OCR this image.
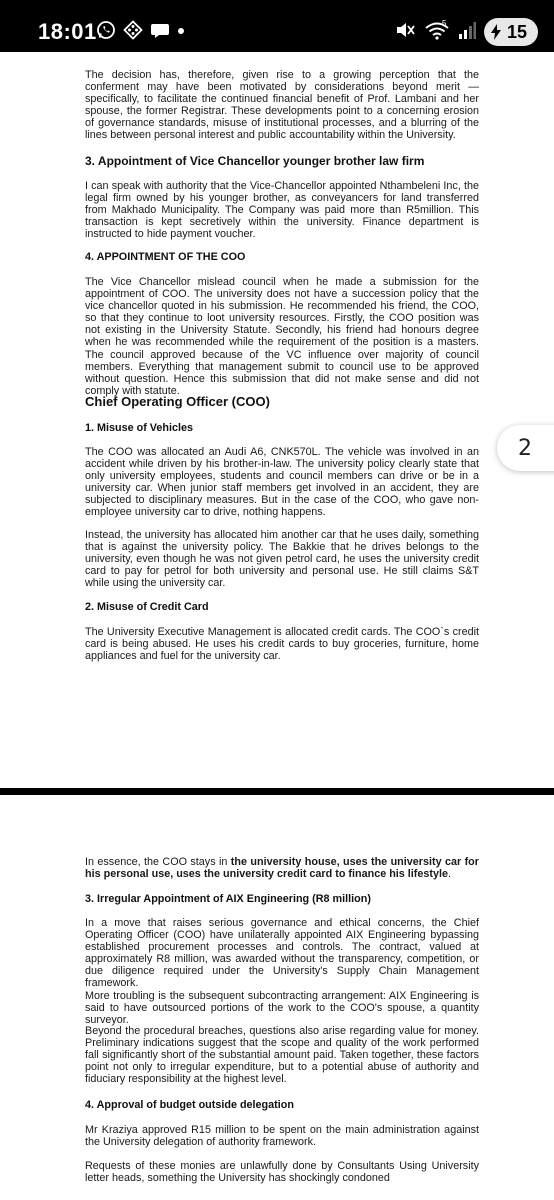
18:01	5	15

The decision has, therefore, given rise to a growing perception that the conferment may have been motivated by considerations beyond merit — specifically, to facilitate the continued financial benefit of Prof. Lambani and her spouse, the former Registrar. These developments point to a concerning erosion of governance standards, misuse of institutional processes, and a blurring of the lines between personal interest and public accountability within the University.

3. Appointment of Vice Chancellor younger brother law firm

I can speak with authority that the Vice-Chancellor appointed Nthambeleni Inc, the legal firm owned by his younger brother, as conveyancers for land transferred from Makhado Municipality. The Company was paid more than R5million. This transaction is kept secretively within the university. Finance department is instructed to hide payment voucher.

4. APPOINTMENT OF THE COO

The Vice Chancellor mislead council when he made a submission for the appointment of COO. The university does not have a succession policy that the vice chancellor quoted in his submission. He recommended his friend, the COO, so that they continue to loot university resources. Firstly, the COO position was not existing in the University Statute. Secondly, his friend had honours degree when he was recommended while the requirement of the position is a masters. The council approved because of the VC influence over majority of council members. Everything that management submit to council use to be approved without question. Hence this submission that did not make sense and did not comply with statute.

Chief Operating Officer (COO)
1. Misuse of Vehicles

The COO was allocated an Audi A6, CNK570L. The vehicle was involved in an accident while driven by his brother-in-law. The university policy clearly state that only university employees, students and council members can drive or be in a university car. When junior staff members get involved in an accident, they are subjected to disciplinary measures. But in the case of the COO, who gave non-employee university car to drive, nothing happens.

Instead, the university has allocated him another car that he uses daily, something that is against the university policy. The Bakkie that he drives belongs to the university, even though he was not given petrol card, he uses the university credit card to pay for petrol for both university and personal use. He still claims S&T while using the university car.

2. Misuse of Credit Card

The University Executive Management is allocated credit cards. The COO`s credit card is being abused. He uses his credit cards to buy groceries, furniture, home appliances and fuel for the university car.

2

In essence, the COO stays in the university house, uses the university car for his personal use, uses the university credit card to finance his lifestyle.

3. Irregular Appointment of AIX Engineering (R8 million)

In a move that raises serious governance and ethical concerns, the Chief Operating Officer (COO) have unilaterally appointed AIX Engineering bypassing established procurement processes and controls. The contract, valued at approximately R8 million, was awarded without the transparency, competition, or due diligence required under the University's Supply Chain Management framework.

More troubling is the subsequent subcontracting arrangement: AIX Engineering is said to have outsourced portions of the work to the COO's spouse, a quantity surveyor.

Beyond the procedural breaches, questions also arise regarding value for money. Preliminary indications suggest that the scope and quality of the work performed fall significantly short of the substantial amount paid. Taken together, these factors point not only to irregular expenditure, but to a potential abuse of authority and fiduciary responsibility at the highest level.

4. Approval of budget outside delegation

Mr Kraziya approved R15 million to be spent on the main administration against the University delegation of authority framework.

Requests of these monies are unlawfully done by Consultants Using University letter heads, something the University has shockingly condoned
